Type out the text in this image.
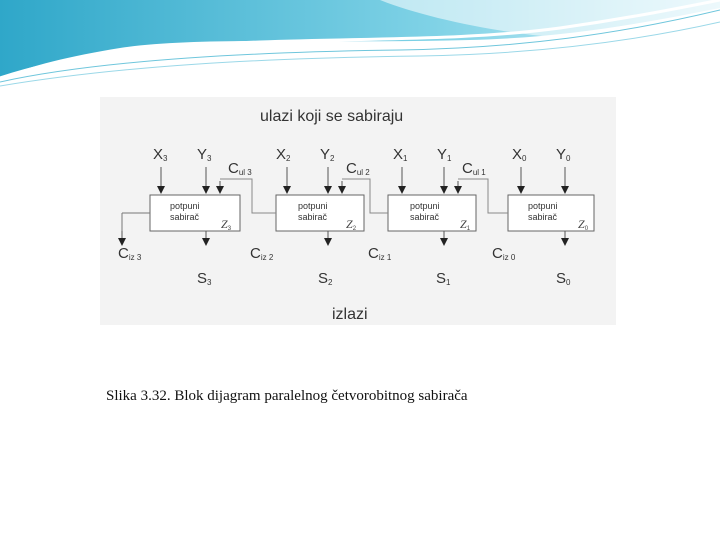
ulazi koji se sabiraju
X3 Y3
Cul 3
potpuni
sabirač Z3
Ciz 3
S3
X2 Y2
Cul 2
potpuni
sabirač Z2
Ciz 2
S2
X1 Y1
Cul 1
potpuni
sabirač Z1
Ciz 1
S1
X0 Y0
potpuni
sabirač Z0
Ciz 0
S0
izlazi
Slika 3.32. Blok dijagram paralelnog četvorobitnog sabirača
